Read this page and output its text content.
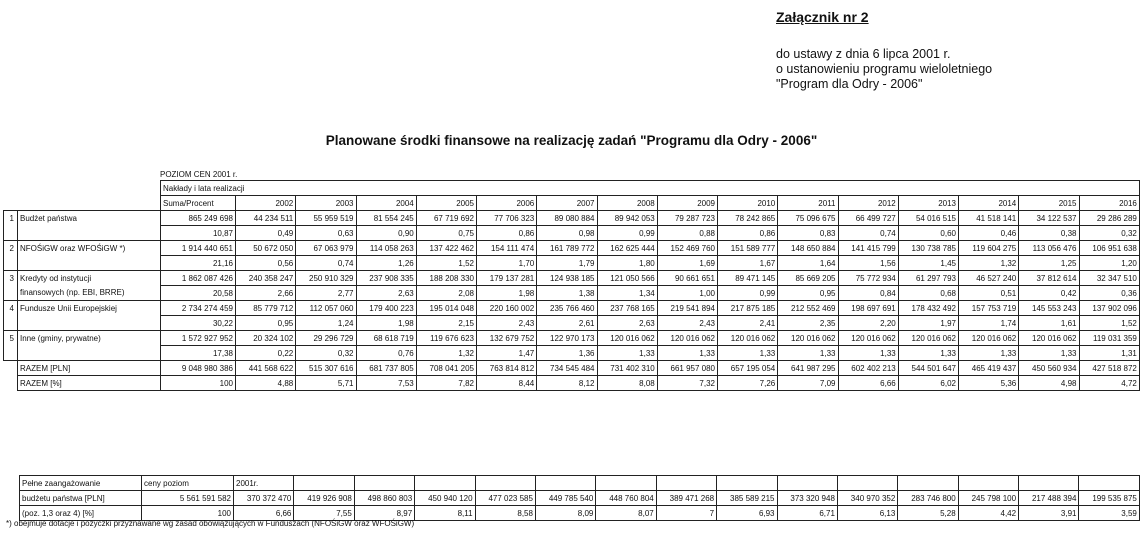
Załącznik nr 2
do ustawy z dnia 6 lipca 2001 r.
o ustanowieniu programu wieloletniego
"Program dla Odry - 2006"
Planowane środki finansowe na realizację zadań "Programu dla Odry - 2006"
POZIOM CEN 2001 r.
		Nakłady i lata realizacji															
		Suma/Procent	2002	2003	2004	2005	2006	2007	2008	2009	2010	2011	2012	2013	2014	2015	2016
1	Budżet państwa	865 249 698	44 234 511	55 959 519	81 554 245	67 719 692	77 706 323	89 080 884	89 942 053	79 287 723	78 242 865	75 096 675	66 499 727	54 016 515	41 518 141	34 122 537	29 286 289
		10,87	0,49	0,63	0,90	0,75	0,86	0,98	0,99	0,88	0,86	0,83	0,74	0,60	0,46	0,38	0,32
2	NFOŚiGW oraz WFOŚiGW *)	1 914 440 651	50 672 050	67 063 979	114 058 263	137 422 462	154 111 474	161 789 772	162 625 444	152 469 760	151 589 777	148 650 884	141 415 799	130 738 785	119 604 275	113 056 476	106 951 638
		21,16	0,56	0,74	1,26	1,52	1,70	1,79	1,80	1,69	1,67	1,64	1,56	1,45	1,32	1,25	1,20
3	Kredyty od instytucji	1 862 087 426	240 358 247	250 910 329	237 908 335	188 208 330	179 137 281	124 938 185	121 050 566	90 661 651	89 471 145	85 669 205	75 772 934	61 297 793	46 527 240	37 812 614	32 347 510
	finansowych (np. EBI, BRRE)	20,58	2,66	2,77	2,63	2,08	1,98	1,38	1,34	1,00	0,99	0,95	0,84	0,68	0,51	0,42	0,36
4	Fundusze Unii Europejskiej	2 734 274 459	85 779 712	112 057 060	179 400 223	195 014 048	220 160 002	235 766 460	237 768 165	219 541 894	217 875 185	212 552 469	198 697 691	178 432 492	157 753 719	145 553 243	137 902 096
		30,22	0,95	1,24	1,98	2,15	2,43	2,61	2,63	2,43	2,41	2,35	2,20	1,97	1,74	1,61	1,52
5	Inne (gminy, prywatne)	1 572 927 952	20 324 102	29 296 729	68 618 719	119 676 623	132 679 752	122 970 173	120 016 062	120 016 062	120 016 062	120 016 062	120 016 062	120 016 062	120 016 062	120 016 062	119 031 359
		17,38	0,22	0,32	0,76	1,32	1,47	1,36	1,33	1,33	1,33	1,33	1,33	1,33	1,33	1,33	1,31
	RAZEM [PLN]	9 048 980 386	441 568 622	515 307 616	681 737 805	708 041 205	763 814 812	734 545 484	731 402 310	661 957 080	657 195 054	641 987 295	602 402 213	544 501 647	465 419 437	450 560 934	427 518 872
	RAZEM [%]	100	4,88	5,71	7,53	7,82	8,44	8,12	8,08	7,32	7,26	7,09	6,66	6,02	5,36	4,98	4,72
Pełne zaangażowanie	ceny poziom	2001r.														
budżetu państwa [PLN]	5 561 591 582	370 372 470	419 926 908	498 860 803	450 940 120	477 023 585	449 785 540	448 760 804	389 471 268	385 589 215	373 320 948	340 970 352	283 746 800	245 798 100	217 488 394	199 535 875
(poz. 1,3 oraz 4) [%]	100	6,66	7,55	8,97	8,11	8,58	8,09	8,07	7	6,93	6,71	6,13	5,28	4,42	3,91	3,59
*) obejmuje dotacje i pożyczki przyznawane wg zasad obowiązujących w Funduszach (NFOŚiGW oraz WFOŚiGW)
